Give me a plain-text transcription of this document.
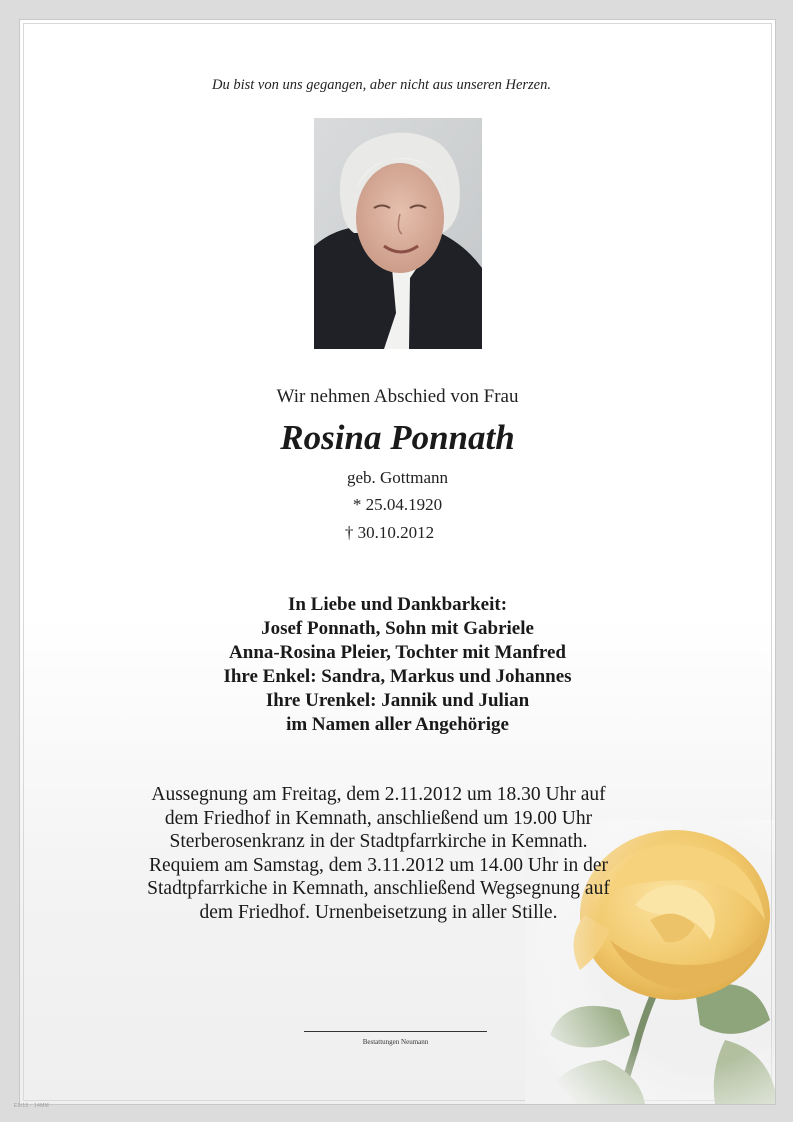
Du bist von uns gegangen, aber nicht aus unseren Herzen.
Wir nehmen Abschied von Frau
Rosina Ponnath
geb. Gottmann
* 25.04.1920
† 30.10.2012
In Liebe und Dankbarkeit:
Josef Ponnath, Sohn mit Gabriele
Anna-Rosina Pleier, Tochter mit Manfred
Ihre Enkel: Sandra, Markus und Johannes
Ihre Urenkel: Jannik und Julian
im Namen aller Angehörige
Aussegnung am Freitag, dem 2.11.2012 um 18.30 Uhr auf
dem Friedhof in Kemnath, anschließend um 19.00 Uhr
Sterberosenkranz in der Stadtpfarrkirche in Kemnath.
Requiem am Samstag, dem 3.11.2012 um 14.00 Uhr in der
Stadtpfarrkiche in Kemnath, anschließend Wegsegnung auf
dem Friedhof. Urnenbeisetzung in aller Stille.
Bestattungen Neumann
E9/15 · 14MM
